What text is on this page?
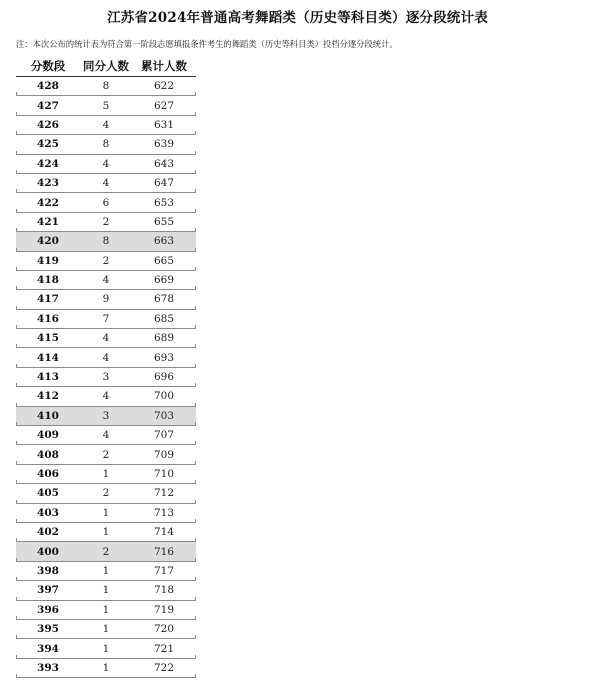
江苏省2024年普通高考舞蹈类（历史等科目类）逐分段统计表
注：本次公布的统计表为符合第一阶段志愿填报条件考生的舞蹈类（历史等科目类）投档分逐分段统计。
分数段	同分人数	累计人数
428	8	622
427	5	627
426	4	631
425	8	639
424	4	643
423	4	647
422	6	653
421	2	655
420	8	663
419	2	665
418	4	669
417	9	678
416	7	685
415	4	689
414	4	693
413	3	696
412	4	700
410	3	703
409	4	707
408	2	709
406	1	710
405	2	712
403	1	713
402	1	714
400	2	716
398	1	717
397	1	718
396	1	719
395	1	720
394	1	721
393	1	722
